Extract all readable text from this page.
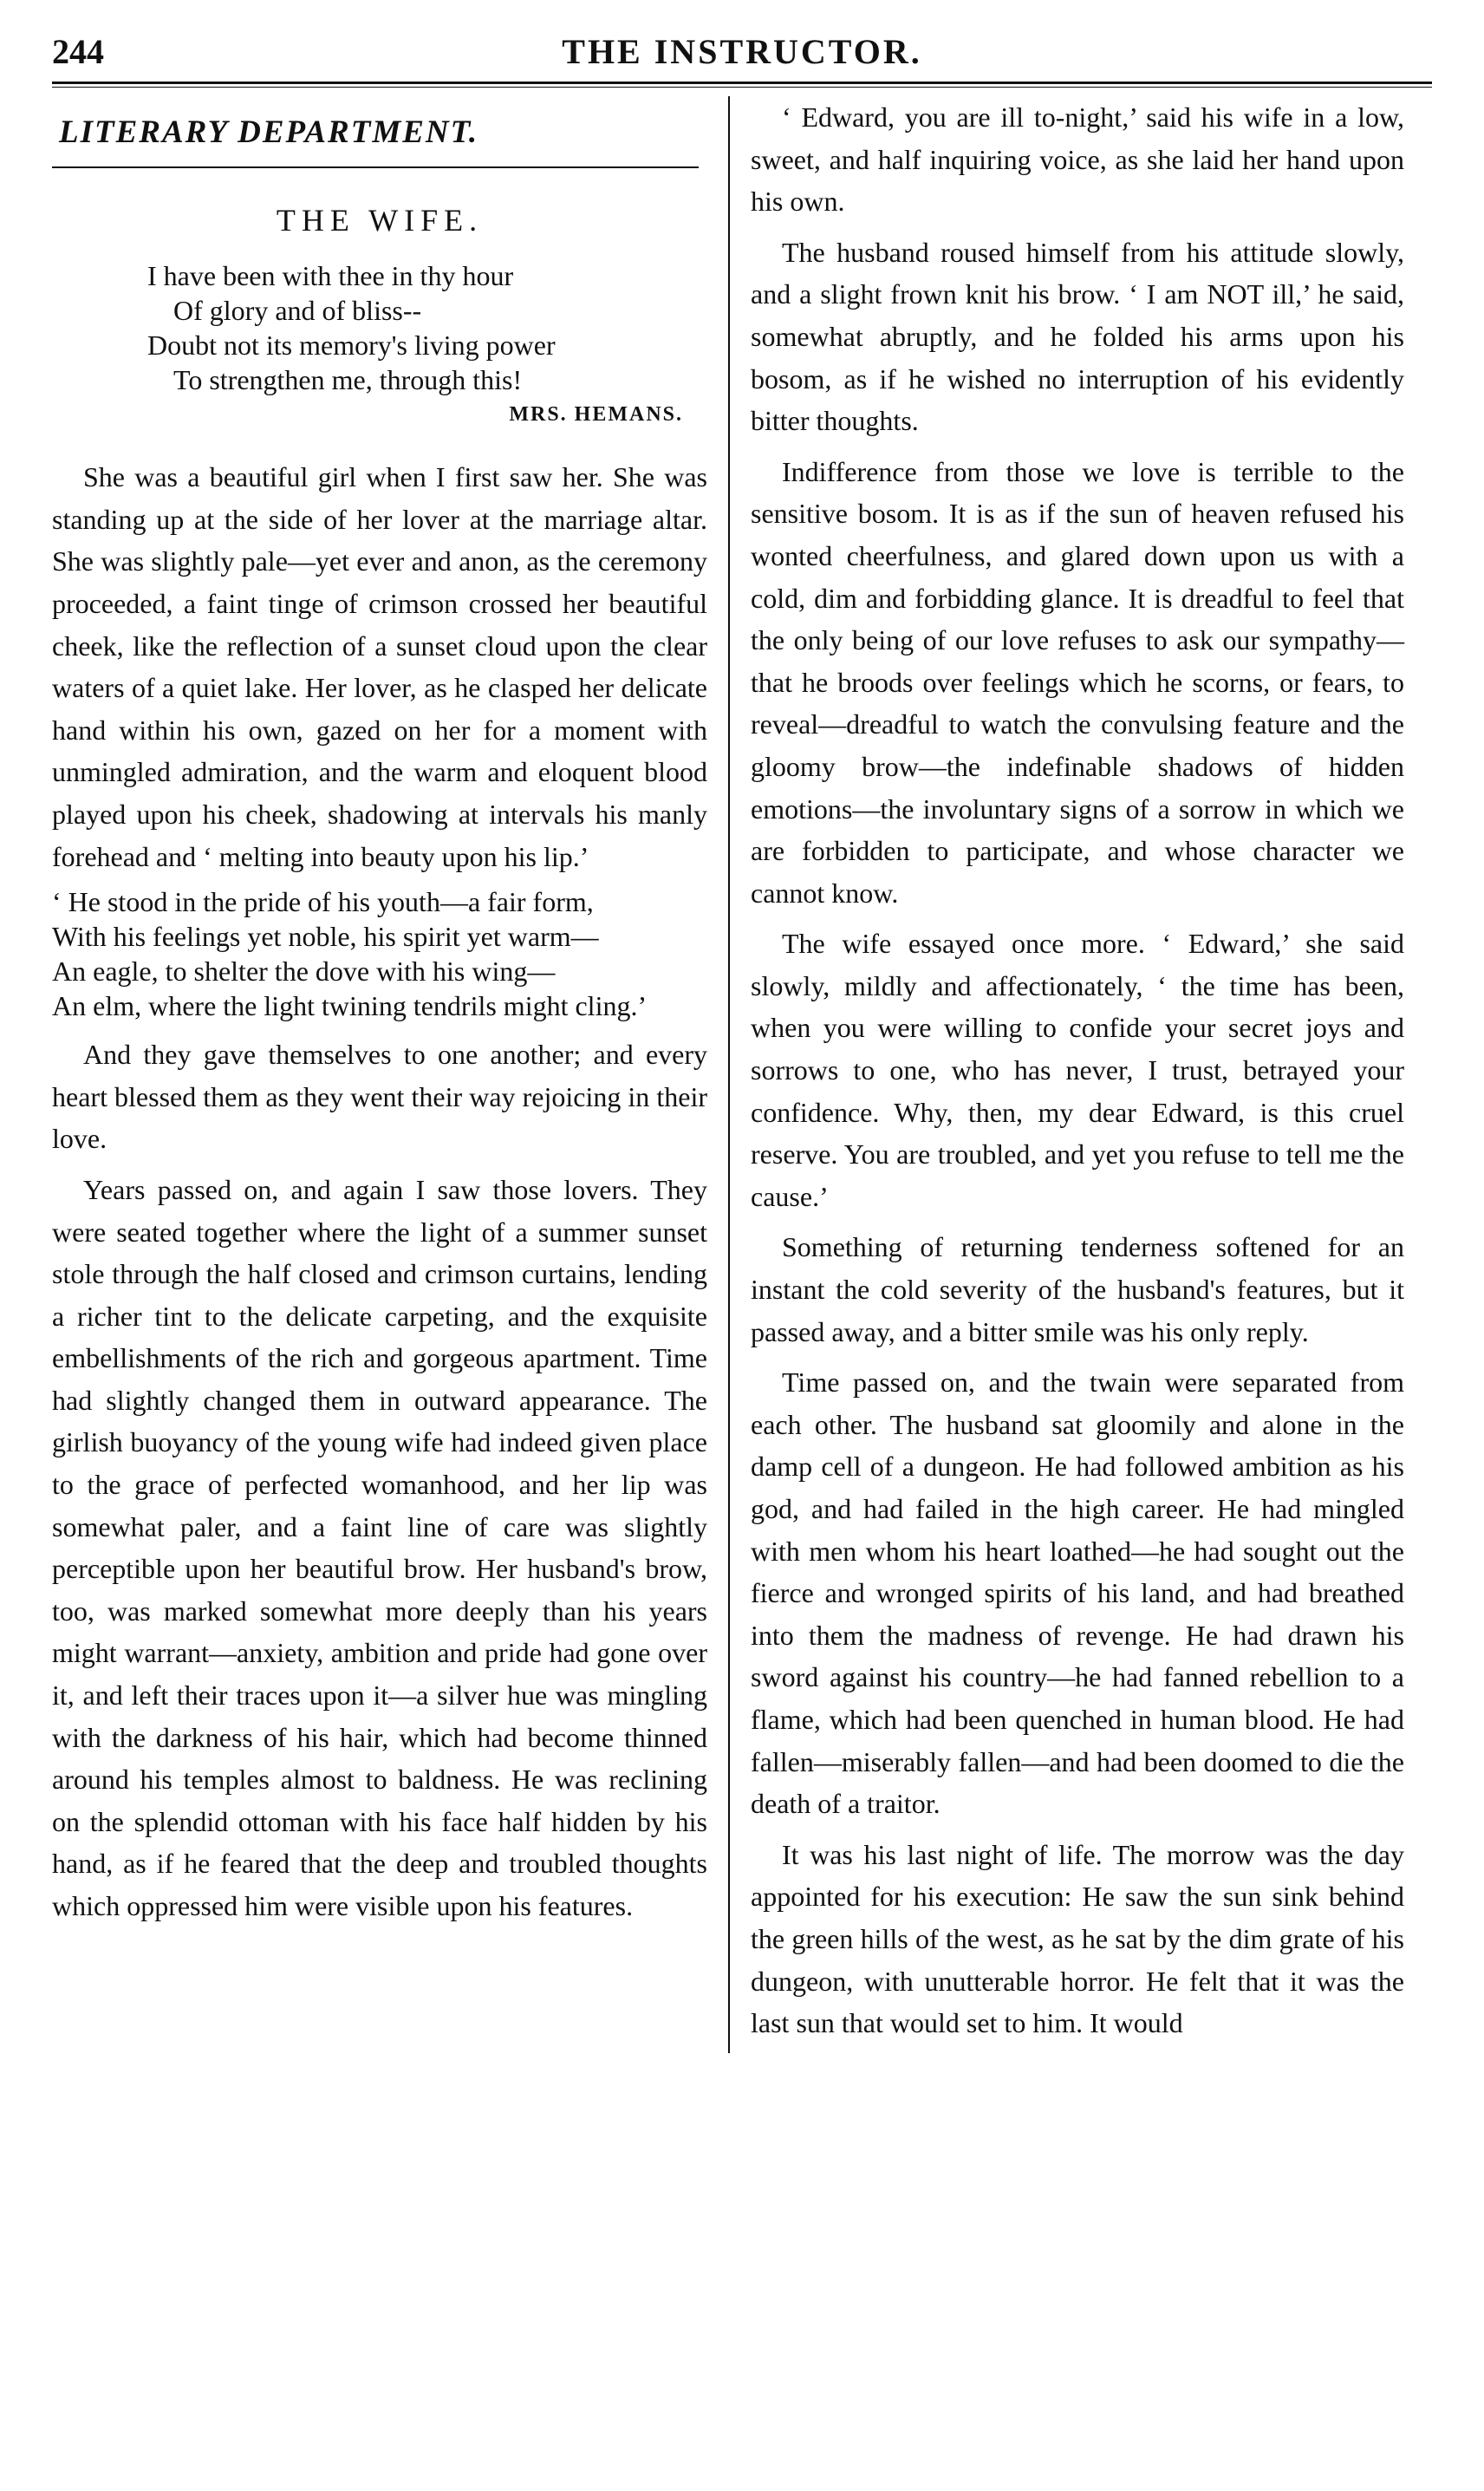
244	THE INSTRUCTOR.
LITERARY DEPARTMENT.
THE WIFE.
I have been with thee in thy hour
Of glory and of bliss--
Doubt not its memory's living power
To strengthen me, through this!
MRS. HEMANS.

She was a beautiful girl when I first saw her. She was standing up at the side of her lover at the marriage altar. She was slightly pale—yet ever and anon, as the ceremony proceeded, a faint tinge of crimson crossed her beautiful cheek, like the reflection of a sunset cloud upon the clear waters of a quiet lake. Her lover, as he clasped her delicate hand within his own, gazed on her for a moment with unmingled admiration, and the warm and eloquent blood played upon his cheek, shadowing at intervals his manly forehead and ‘ melting into beauty upon his lip.’

‘ He stood in the pride of his youth—a fair form,
With his feelings yet noble, his spirit yet warm—
An eagle, to shelter the dove with his wing—
An elm, where the light twining tendrils might cling.’

And they gave themselves to one another; and every heart blessed them as they went their way rejoicing in their love.

Years passed on, and again I saw those lovers. They were seated together where the light of a summer sunset stole through the half closed and crimson curtains, lending a richer tint to the delicate carpeting, and the exquisite embellishments of the rich and gorgeous apartment. Time had slightly changed them in outward appearance. The girlish buoyancy of the young wife had indeed given place to the grace of perfected womanhood, and her lip was somewhat paler, and a faint line of care was slightly perceptible upon her beautiful brow. Her husband's brow, too, was marked somewhat more deeply than his years might warrant—anxiety, ambition and pride had gone over it, and left their traces upon it—a silver hue was mingling with the darkness of his hair, which had become thinned around his temples almost to baldness. He was reclining on the splendid ottoman with his face half hidden by his hand, as if he feared that the deep and troubled thoughts which oppressed him were visible upon his features.

‘ Edward, you are ill to-night,’ said his wife in a low, sweet, and half inquiring voice, as she laid her hand upon his own.

The husband roused himself from his attitude slowly, and a slight frown knit his brow. ‘ I am NOT ill,’ he said, somewhat abruptly, and he folded his arms upon his bosom, as if he wished no interruption of his evidently bitter thoughts.

Indifference from those we love is terrible to the sensitive bosom. It is as if the sun of heaven refused his wonted cheerfulness, and glared down upon us with a cold, dim and forbidding glance. It is dreadful to feel that the only being of our love refuses to ask our sympathy—that he broods over feelings which he scorns, or fears, to reveal—dreadful to watch the convulsing feature and the gloomy brow—the indefinable shadows of hidden emotions—the involuntary signs of a sorrow in which we are forbidden to participate, and whose character we cannot know.

The wife essayed once more. ‘ Edward,’ she said slowly, mildly and affectionately, ‘ the time has been, when you were willing to confide your secret joys and sorrows to one, who has never, I trust, betrayed your confidence. Why, then, my dear Edward, is this cruel reserve. You are troubled, and yet you refuse to tell me the cause.’

Something of returning tenderness softened for an instant the cold severity of the husband's features, but it passed away, and a bitter smile was his only reply.

Time passed on, and the twain were separated from each other. The husband sat gloomily and alone in the damp cell of a dungeon. He had followed ambition as his god, and had failed in the high career. He had mingled with men whom his heart loathed—he had sought out the fierce and wronged spirits of his land, and had breathed into them the madness of revenge. He had drawn his sword against his country—he had fanned rebellion to a flame, which had been quenched in human blood. He had fallen—miserably fallen—and had been doomed to die the death of a traitor.

It was his last night of life. The morrow was the day appointed for his execution: He saw the sun sink behind the green hills of the west, as he sat by the dim grate of his dungeon, with unutterable horror. He felt that it was the last sun that would set to him. It would
